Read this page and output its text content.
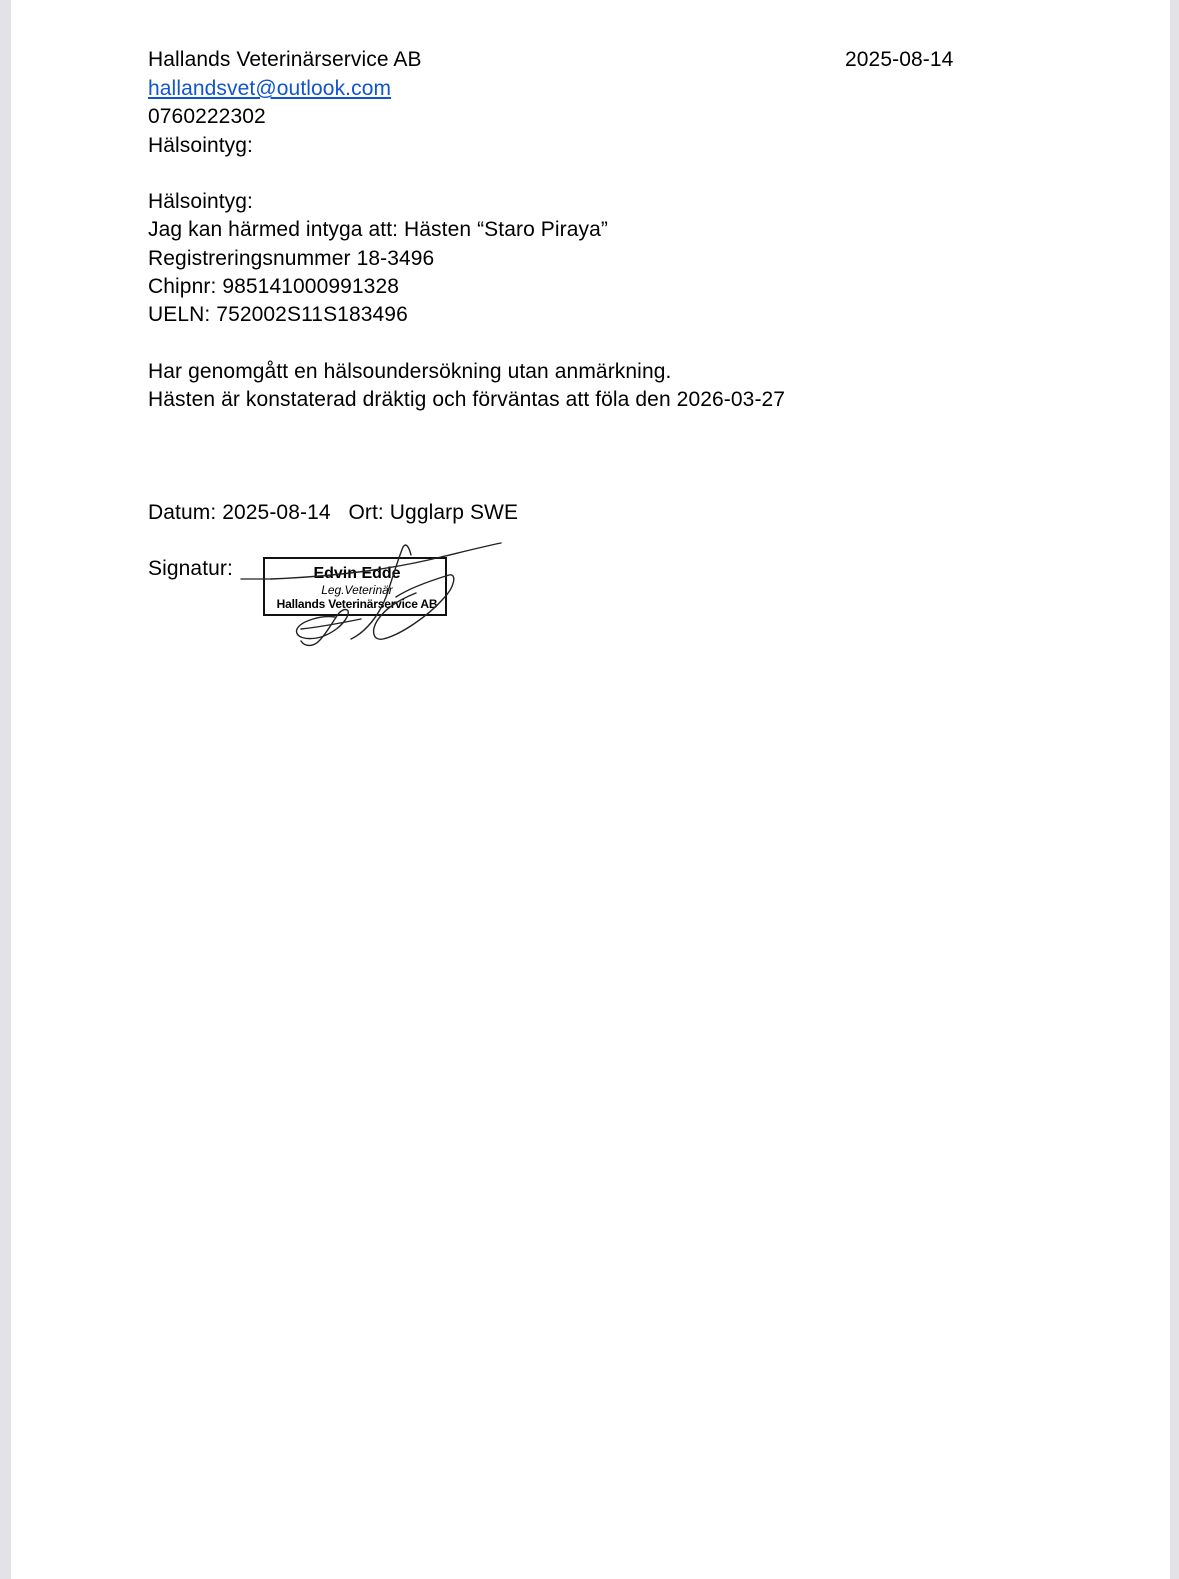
Hallands Veterinärservice AB	2025-08-14
hallandsvet@outlook.com
0760222302
Hälsointyg:
Hälsointyg:
Jag kan härmed intyga att: Hästen “Staro Piraya”
Registreringsnummer 18-3496
Chipnr: 985141000991328
UELN: 752002S11S183496
Har genomgått en hälsoundersökning utan anmärkning.
Hästen är konstaterad dräktig och förväntas att föla den 2026-03-27
Datum: 2025-08-14   Ort: Ugglarp SWE
Signatur:	Edvin Edde
Leg.Veterinär
Hallands Veterinärservice AB
